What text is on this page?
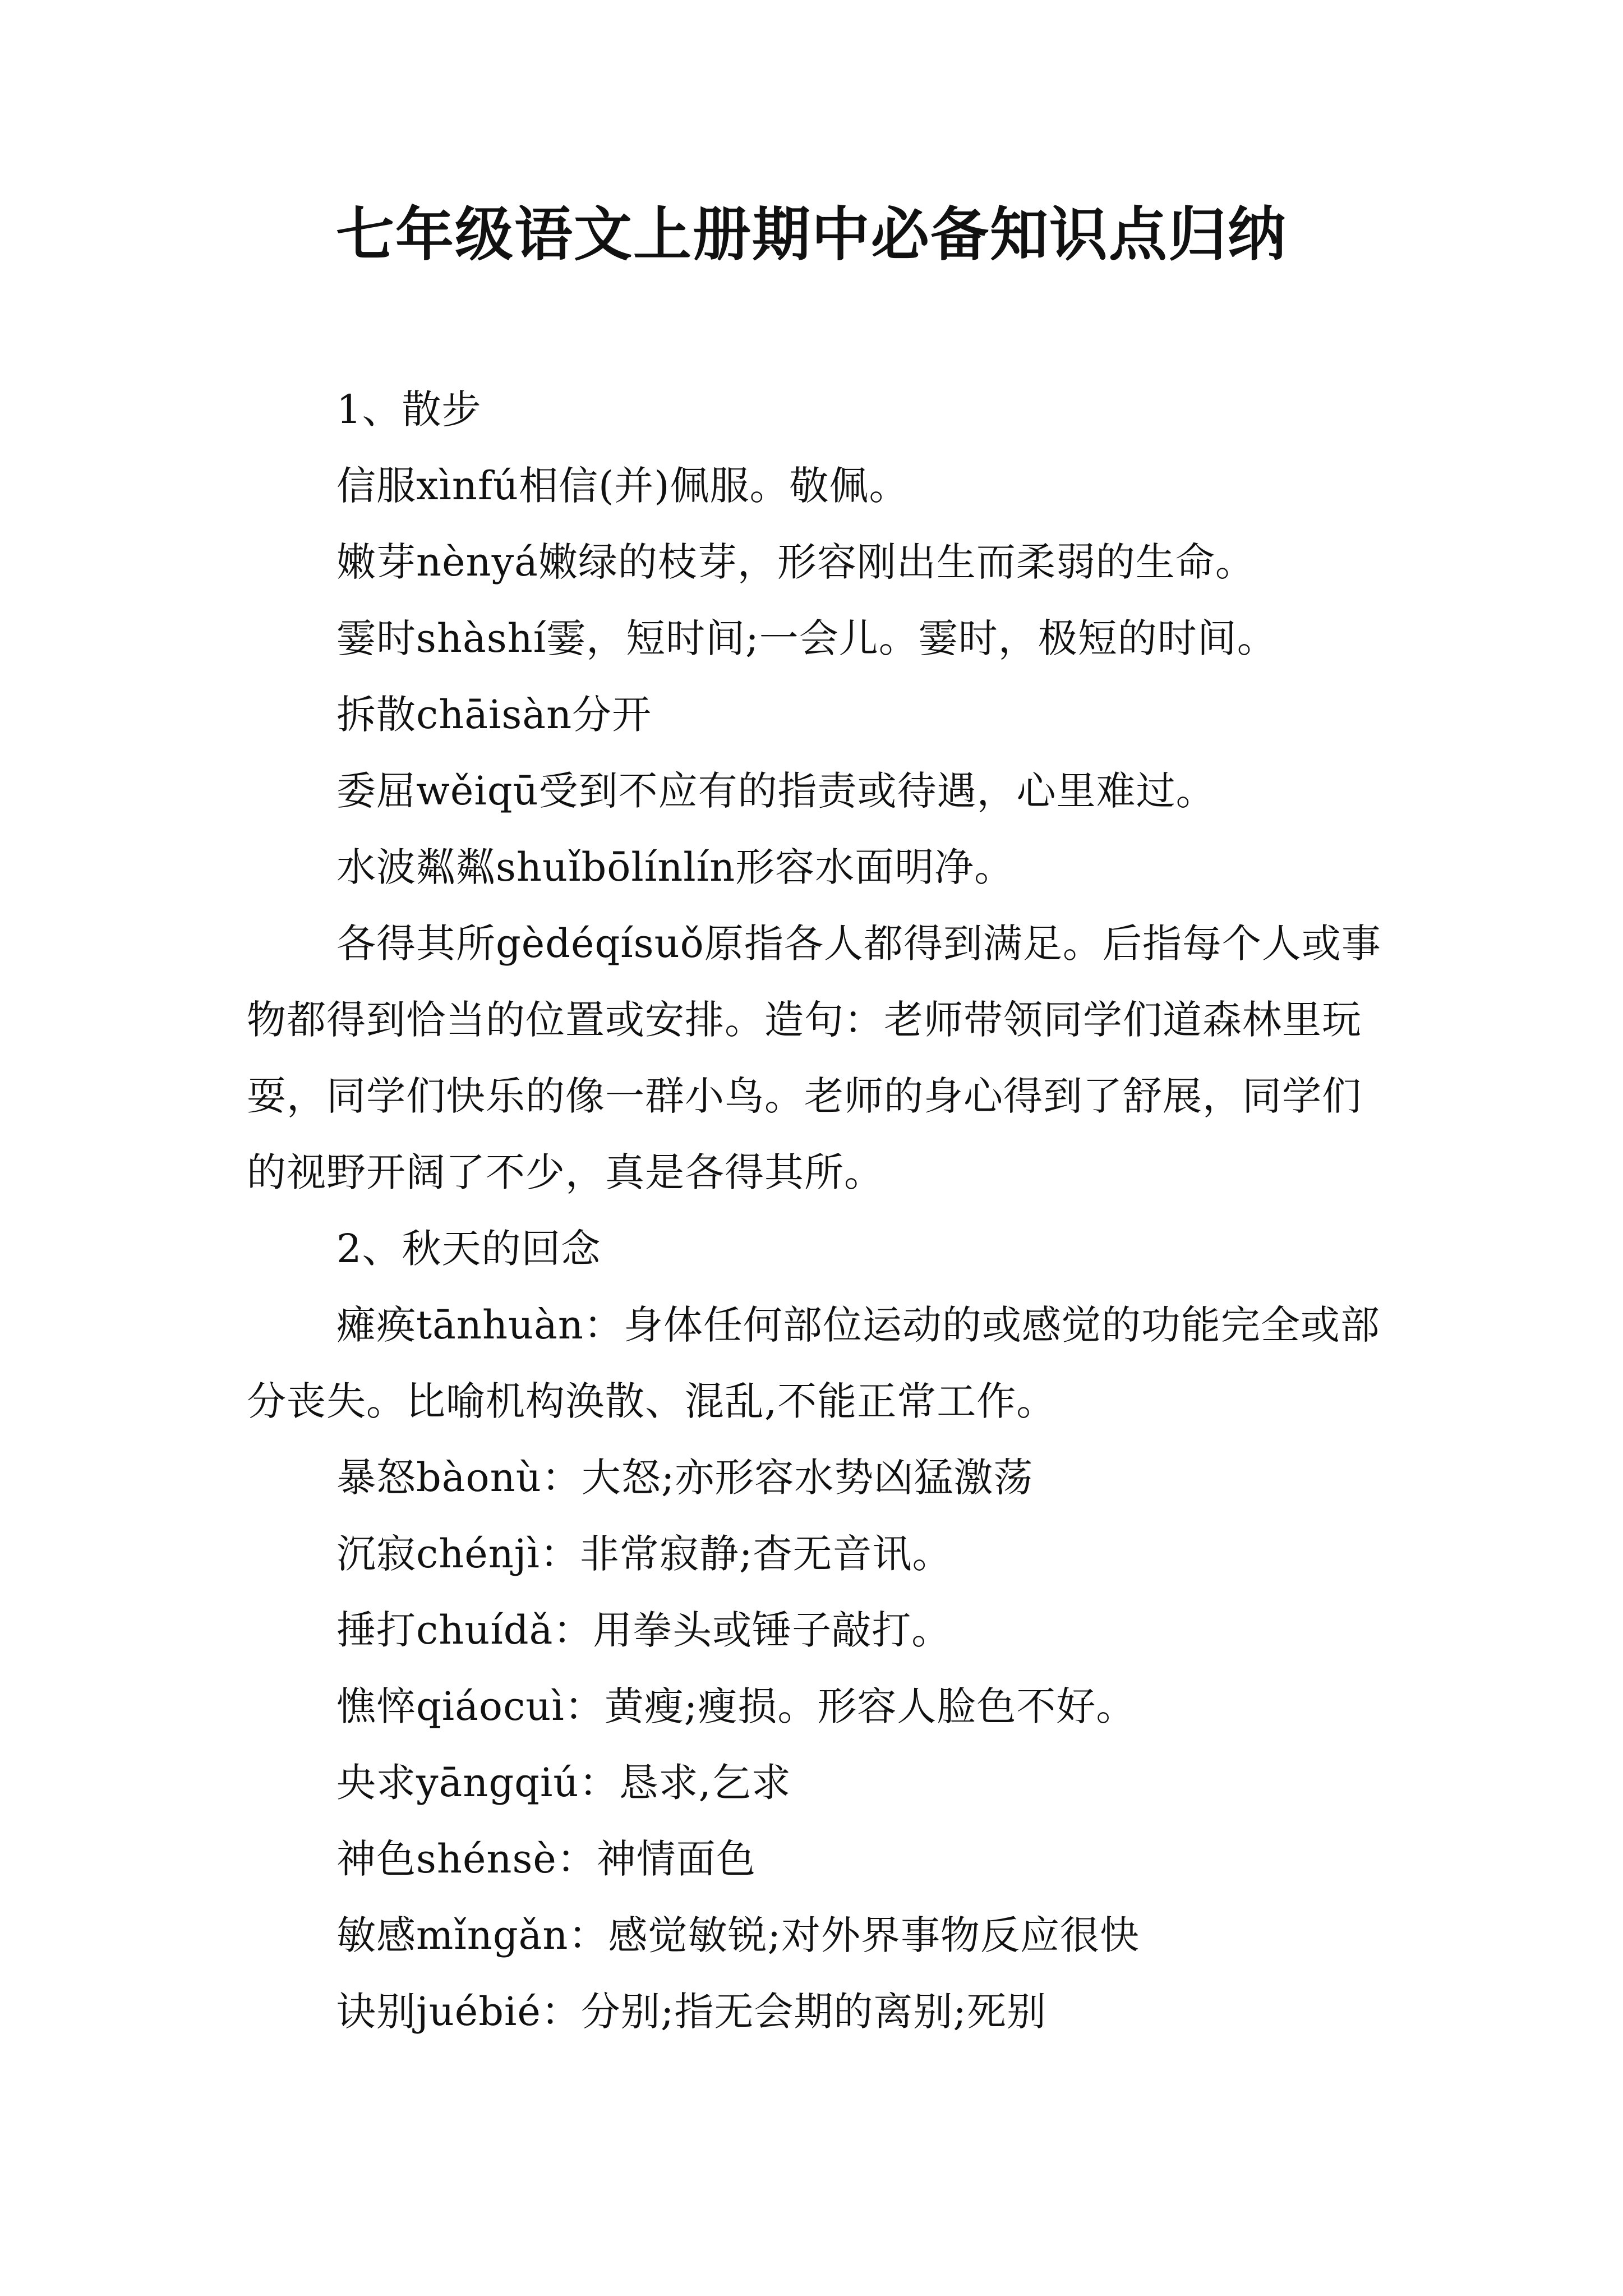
七年级语文上册期中必备知识点归纳

1、散步

信服xìnfú相信(并)佩服。敬佩。

嫩芽nènyá嫩绿的枝芽，形容刚出生而柔弱的生命。

霎时shàshí霎，短时间;一会儿。霎时，极短的时间。

拆散chāisàn分开

委屈wěiqū受到不应有的指责或待遇，心里难过。

水波粼粼shuǐbōlínlín形容水面明净。

各得其所gèdéqísuǒ原指各人都得到满足。后指每个人或事物都得到恰当的位置或安排。造句：老师带领同学们道森林里玩耍，同学们快乐的像一群小鸟。老师的身心得到了舒展，同学们的视野开阔了不少，真是各得其所。

2、秋天的回念

瘫痪tānhuàn：身体任何部位运动的或感觉的功能完全或部分丧失。比喻机构涣散、混乱,不能正常工作。

暴怒bàonù：大怒;亦形容水势凶猛激荡

沉寂chénjì：非常寂静;杳无音讯。

捶打chuídǎ：用拳头或锤子敲打。

憔悴qiáocuì：黄瘦;瘦损。形容人脸色不好。

央求yāngqiú：恳求,乞求

神色shénsè：神情面色

敏感mǐngǎn：感觉敏锐;对外界事物反应很快

诀别juébié：分别;指无会期的离别;死别
